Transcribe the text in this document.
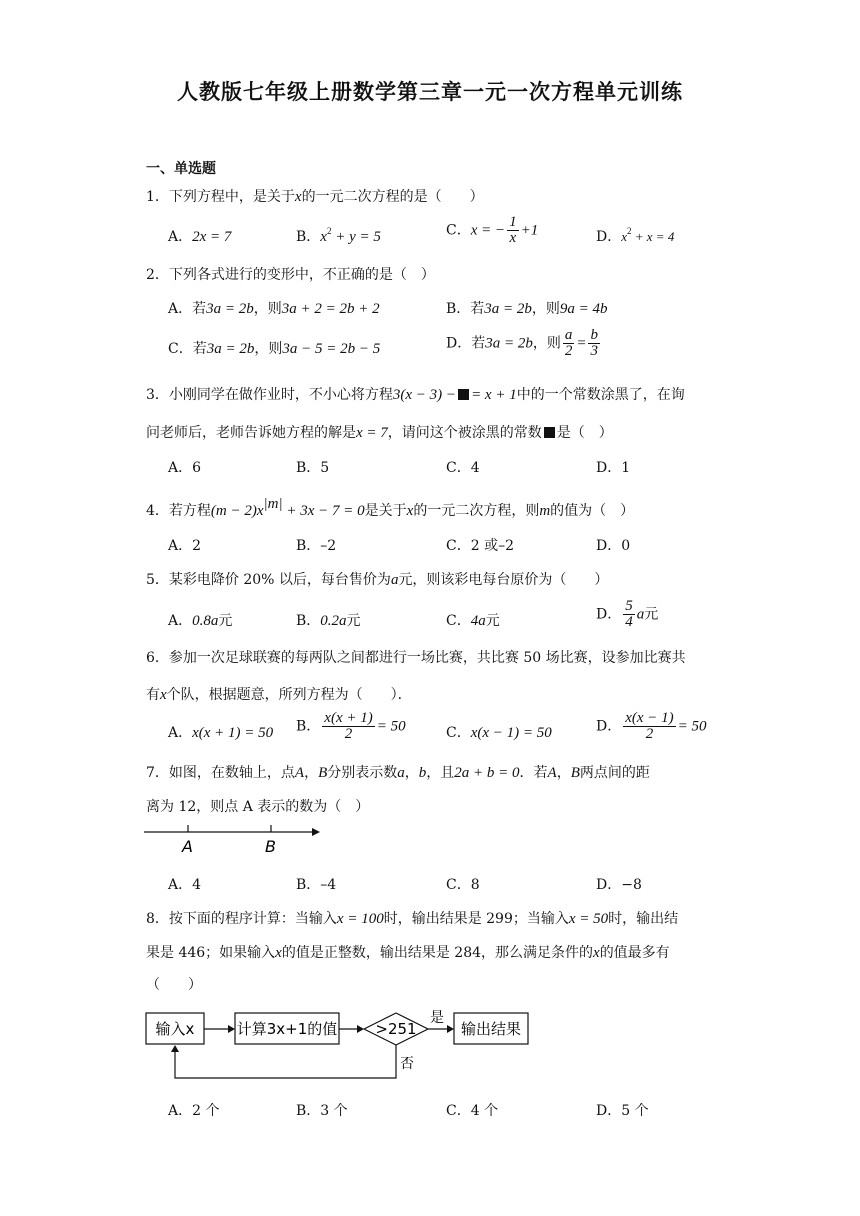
人教版七年级上册数学第三章一元一次方程单元训练
一、单选题
1．下列方程中，是关于x的一元二次方程的是（　　）
A．2x = 7	B．$x^2 + y = 5$	C．x = − $\frac{1}{x} +1$	D．$x^2 + x = 4$
2．下列各式进行的变形中，不正确的是（　）
A．若3a = 2b，则3a + 2 = 2b + 2	B．若3a = 2b，则9a = 4b
C．若3a = 2b，则3a − 5 = 2b − 5	D．若3a = 2b，则 $\frac{a}{2} = \frac{b}{3}$
3．小刚同学在做作业时，不小心将方程3(x − 3) − = x + 1中的一个常数涂黑了，在询
问老师后，老师告诉她方程的解是x = 7，请问这个被涂黑的常数 是（　）
A．6	B．5	C．4	D．1
4．若方程$(m - 2)x^{|m|} + 3x - 7 = 0$是关于x的一元二次方程，则m的值为（　）
A．2	B．–2	C．2 或–2	D．0
5．某彩电降价 20% 以后，每台售价为a元，则该彩电每台原价为（　　）
A．0.8a元	B．0.2a元	C．4a元	D． $\frac{5}{4}$ a元
6．参加一次足球联赛的每两队之间都进行一场比赛，共比赛 50 场比赛，设参加比赛共
有x个队，根据题意，所列方程为（　　）．
A．x(x + 1) = 50 B． $\frac{x(x + 1)}{2} = 50$	C．x(x − 1) = 50	D． $\frac{x(x - 1)}{2} = 50$
7．如图，在数轴上，点A，B分别表示数a，b，且2a + b = 0．若A，B两点间的距
离为 12，则点 A 表示的数为（　）
A	B
A．4	B．–4	C．8	D．−8
8．按下面的程序计算：当输入x = 100时，输出结果是 299；当输入x = 50时，输出结
果是 446；如果输入x的值是正整数，输出结果是 284，那么满足条件的x的值最多有
（　　）
输入x	计算3x+1的值	>251
是
输出结果
否
A．2 个	B．3 个	C．4 个	D．5 个
